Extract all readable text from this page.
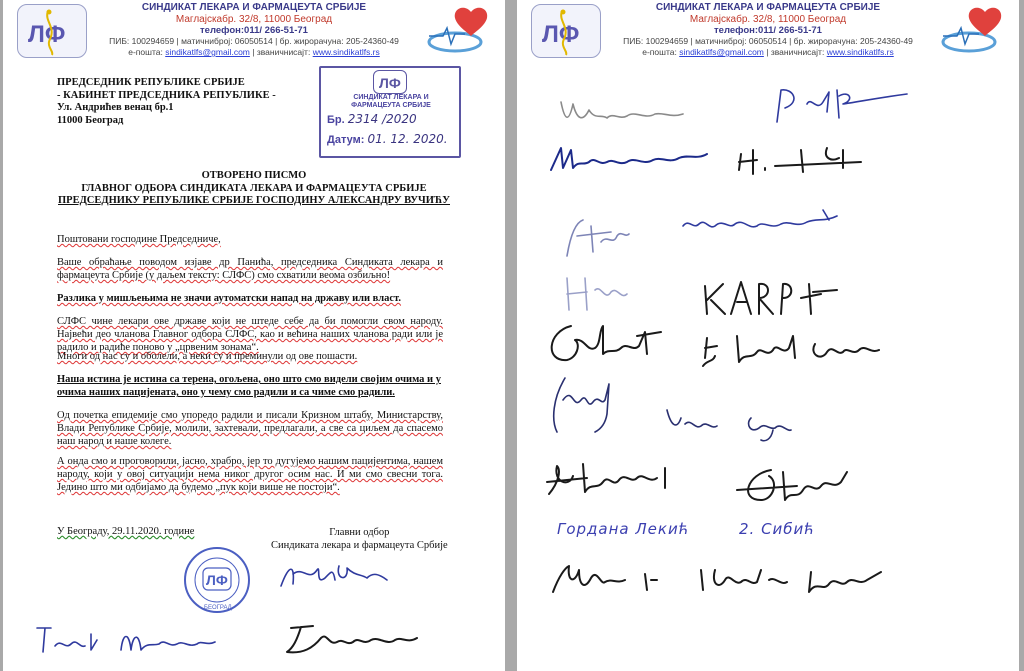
ЛФ
СИНДИКАТ ЛЕКАРА И ФАРМАЦЕУТА СРБИЈЕ
Маглајскабр. 32/8, 11000 Београд
телефон:011/ 266-51-71
ПИБ: 100294659 | матичниброј: 06050514 | бр. жирорачуна: 205-24360-49
е-пошта: sindikatlfs@gmail.com | званичнисајт: www.sindikatlfs.rs
ПРЕДСЕДНИК РЕПУБЛИКЕ СРБИЈЕ
- КАБИНЕТ ПРЕДСЕДНИКА РЕПУБЛИКЕ -
Ул. Андрићев венац бр.1
11000 Београд
ЛФ
СИНДИКАТ ЛЕКАРА И ФАРМАЦЕУТА СРБИЈЕ
Бр. 2314 /2020
Датум: 01. 12. 2020.
ОТВОРЕНО ПИСМО
ГЛАВНОГ ОДБОРА СИНДИКАТА ЛЕКАРА И ФАРМАЦЕУТА СРБИЈЕ
ПРЕДСЕДНИКУ РЕПУБЛИКЕ СРБИЈЕ ГОСПОДИНУ АЛЕКСАНДРУ ВУЧИЋУ
Поштовани господине Председниче,
Ваше обраћање поводом изјаве др Панића, председника Синдиката лекара и фармацеута Србије (у даљем тексту: СЛФС) смо схватили веома озбиљно!
Разлика у мишљењима не значи аутоматски напад на државу или власт.
СЛФС чине лекари ове државе који не штеде себе да би помогли свом народу. Највећи део чланова Главног одбора СЛФС, као и већина наших чланова ради или је радило и радиће поново у „црвеним зонама“.
Многи од нас су и оболели, а неки су и преминули од ове пошасти.
Наша истина је истина са терена, огољена, оно што смо видели својим очима и у очима наших пацијената, оно у чему смо радили и са чиме смо радили.
Од почетка епидемије смо упоредо радили и писали Кризном штабу, Министарству, Влади Републике Србије, молили, захтевали, предлагали, а све са циљем да спасемо наш народ и наше колеге.
А онда смо и проговорили, јасно, храбро, јер то дугујемо нашим пацијентима, нашем народу, који у овој ситуацији нема никог другог осим нас. И ми смо свесни тога. Једино што ми одбијамо да будемо „пук који више не постоји“.
У Београду, 29.11.2020. године	Главни одбор
Синдиката лекара и фармацеута Србије
ЛФ
БЕОГРАД
ЛФ
СИНДИКАТ ЛЕКАРА И ФАРМАЦЕУТА СРБИЈЕ
Маглајскабр. 32/8, 11000 Београд
телефон:011/ 266-51-71
ПИБ: 100294659 | матичниброј: 06050514 | бр. жирорачуна: 205-24360-49
е-пошта: sindikatlfs@gmail.com | званичнисајт: www.sindikatlfs.rs
Гордана Лекић	2. Сибић
